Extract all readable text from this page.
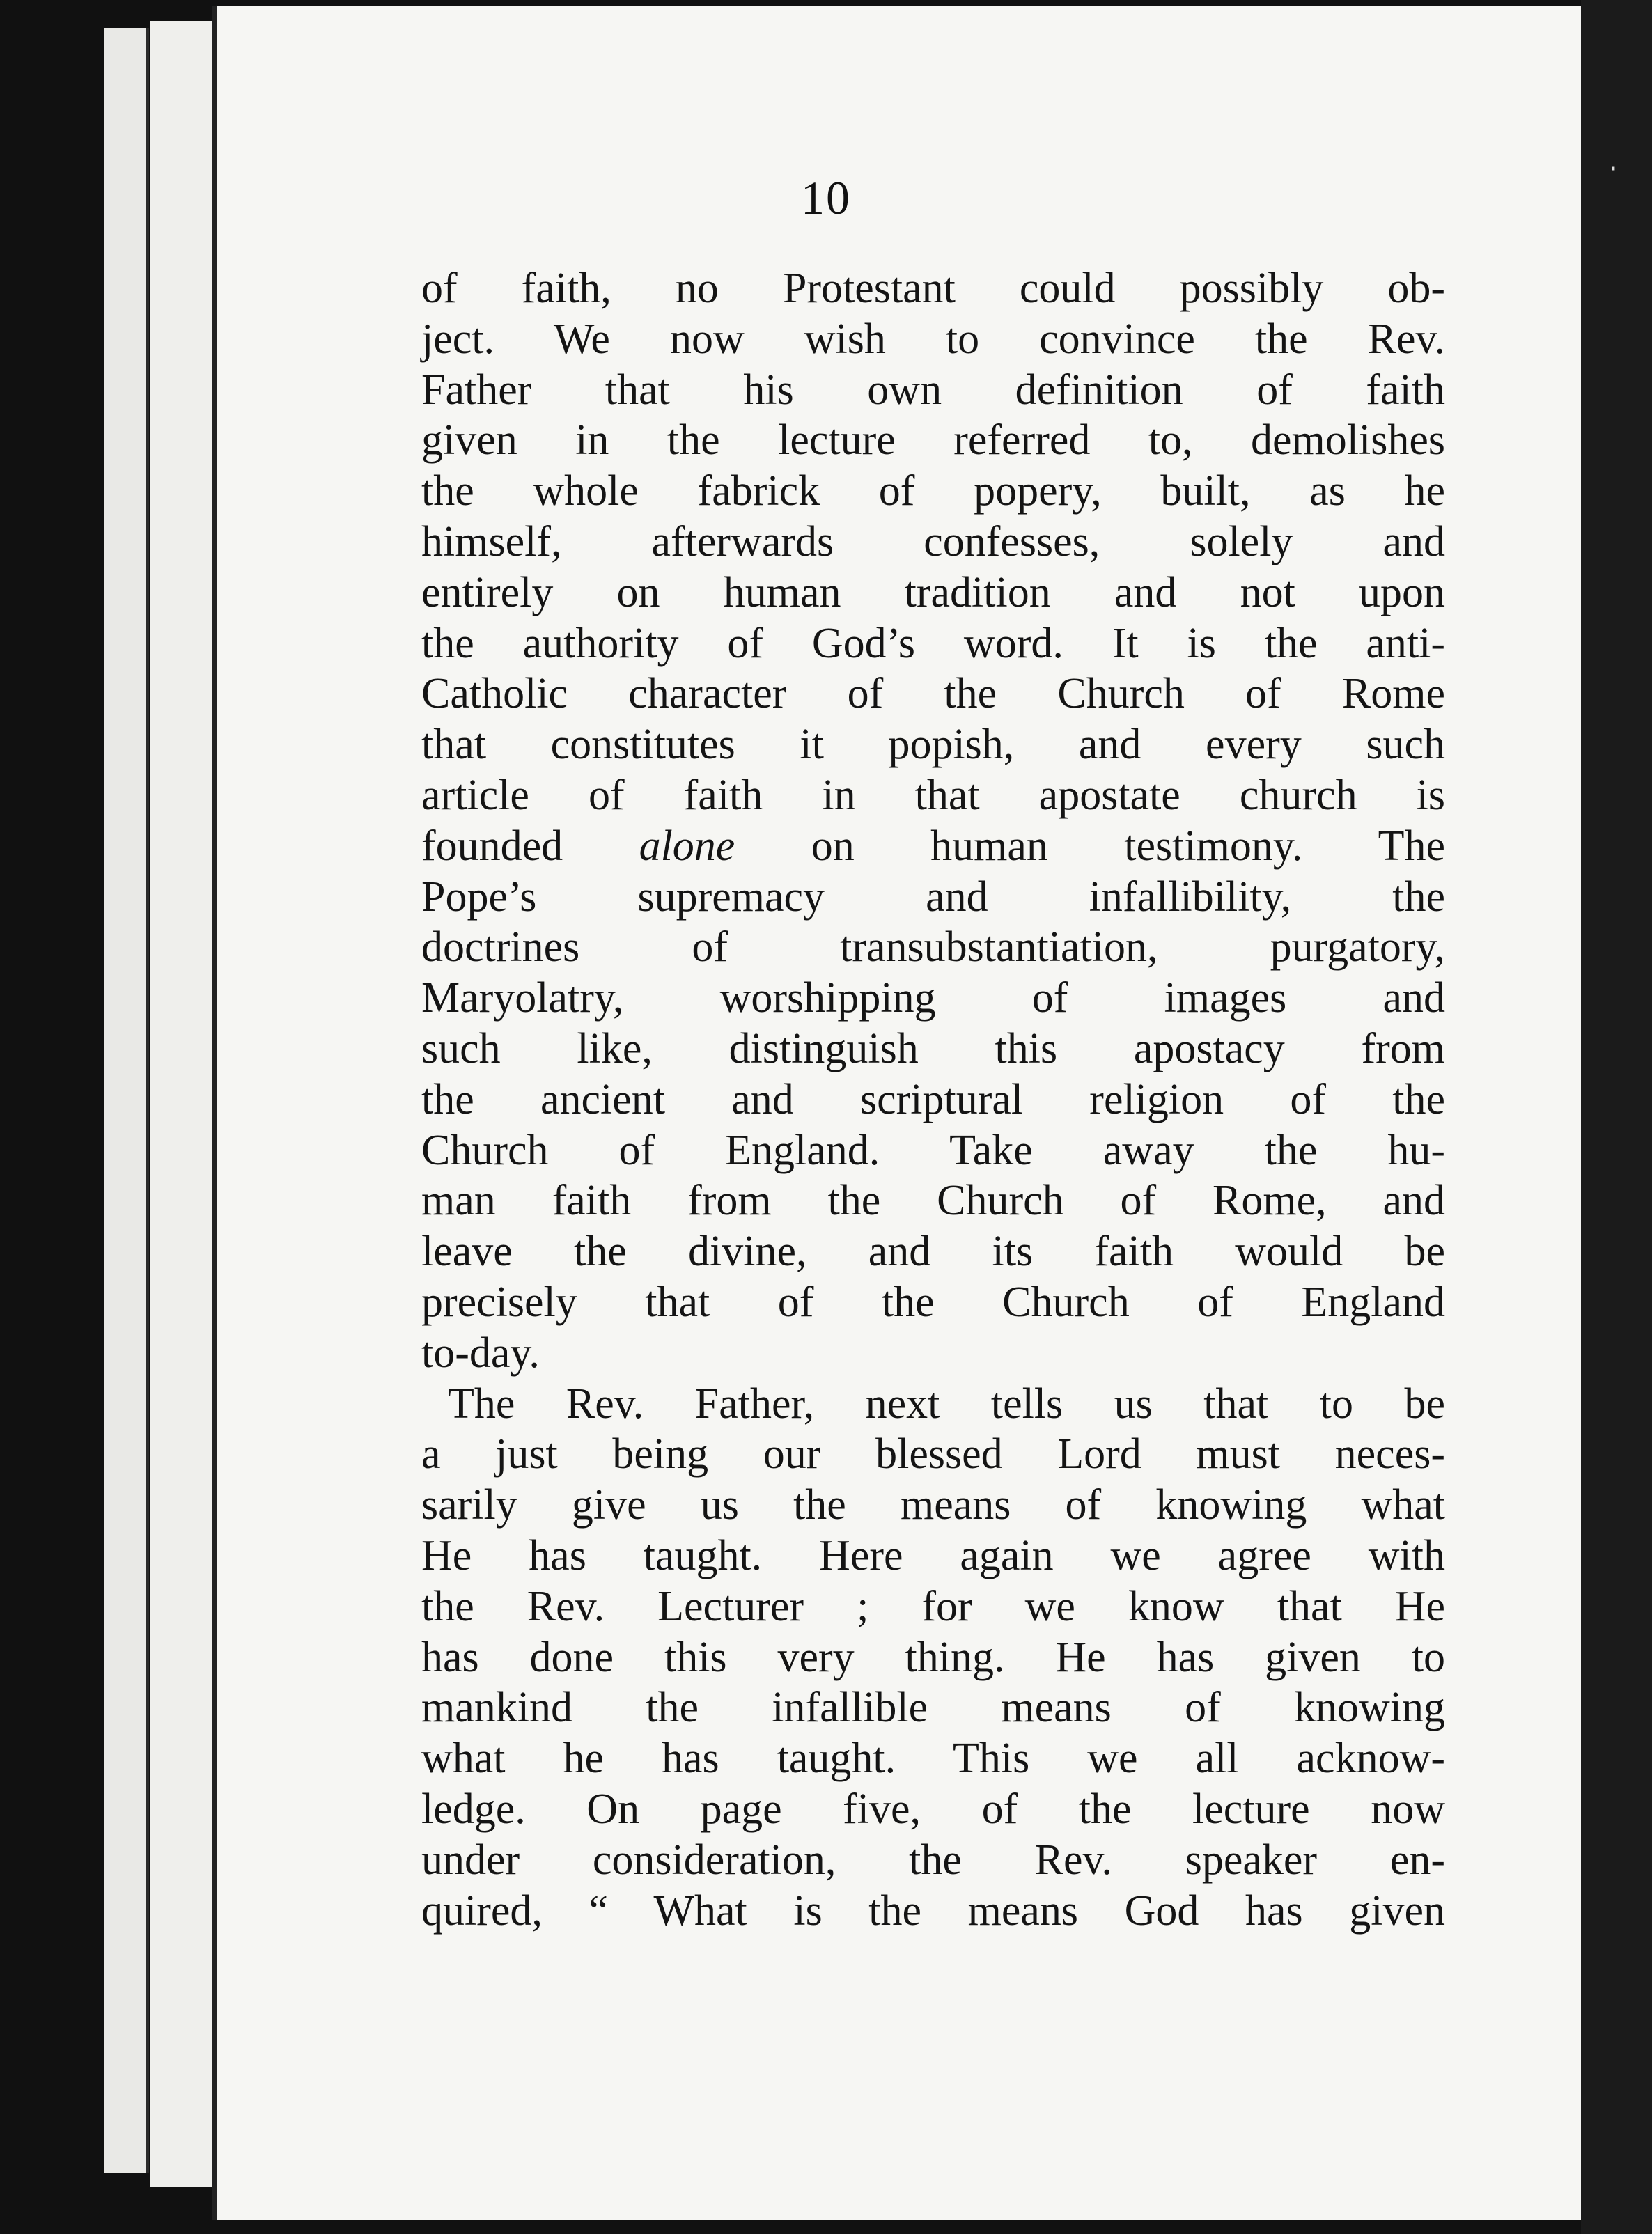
10
of faith, no Protestant could possibly ob-
ject. We now wish to convince the Rev.
Father that his own definition of faith
given in the lecture referred to, demolishes
the whole fabrick of popery, built, as he
himself, afterwards confesses, solely and
entirely on human tradition and not upon
the authority of God’s word. It is the anti-
Catholic character of the Church of Rome
that constitutes it popish, and every such
article of faith in that apostate church is
founded alone on human testimony. The
Pope’s supremacy and infallibility, the
doctrines of transubstantiation, purgatory,
Maryolatry, worshipping of images and
such like, distinguish this apostacy from
the ancient and scriptural religion of the
Church of England. Take away the hu-
man faith from the Church of Rome, and
leave the divine, and its faith would be
precisely that of the Church of England
to-day.
The Rev. Father, next tells us that to be
a just being our blessed Lord must neces-
sarily give us the means of knowing what
He has taught. Here again we agree with
the Rev. Lecturer ; for we know that He
has done this very thing. He has given to
mankind the infallible means of knowing
what he has taught. This we all acknow-
ledge. On page five, of the lecture now
under consideration, the Rev. speaker en-
quired, “ What is the means God has given
·
